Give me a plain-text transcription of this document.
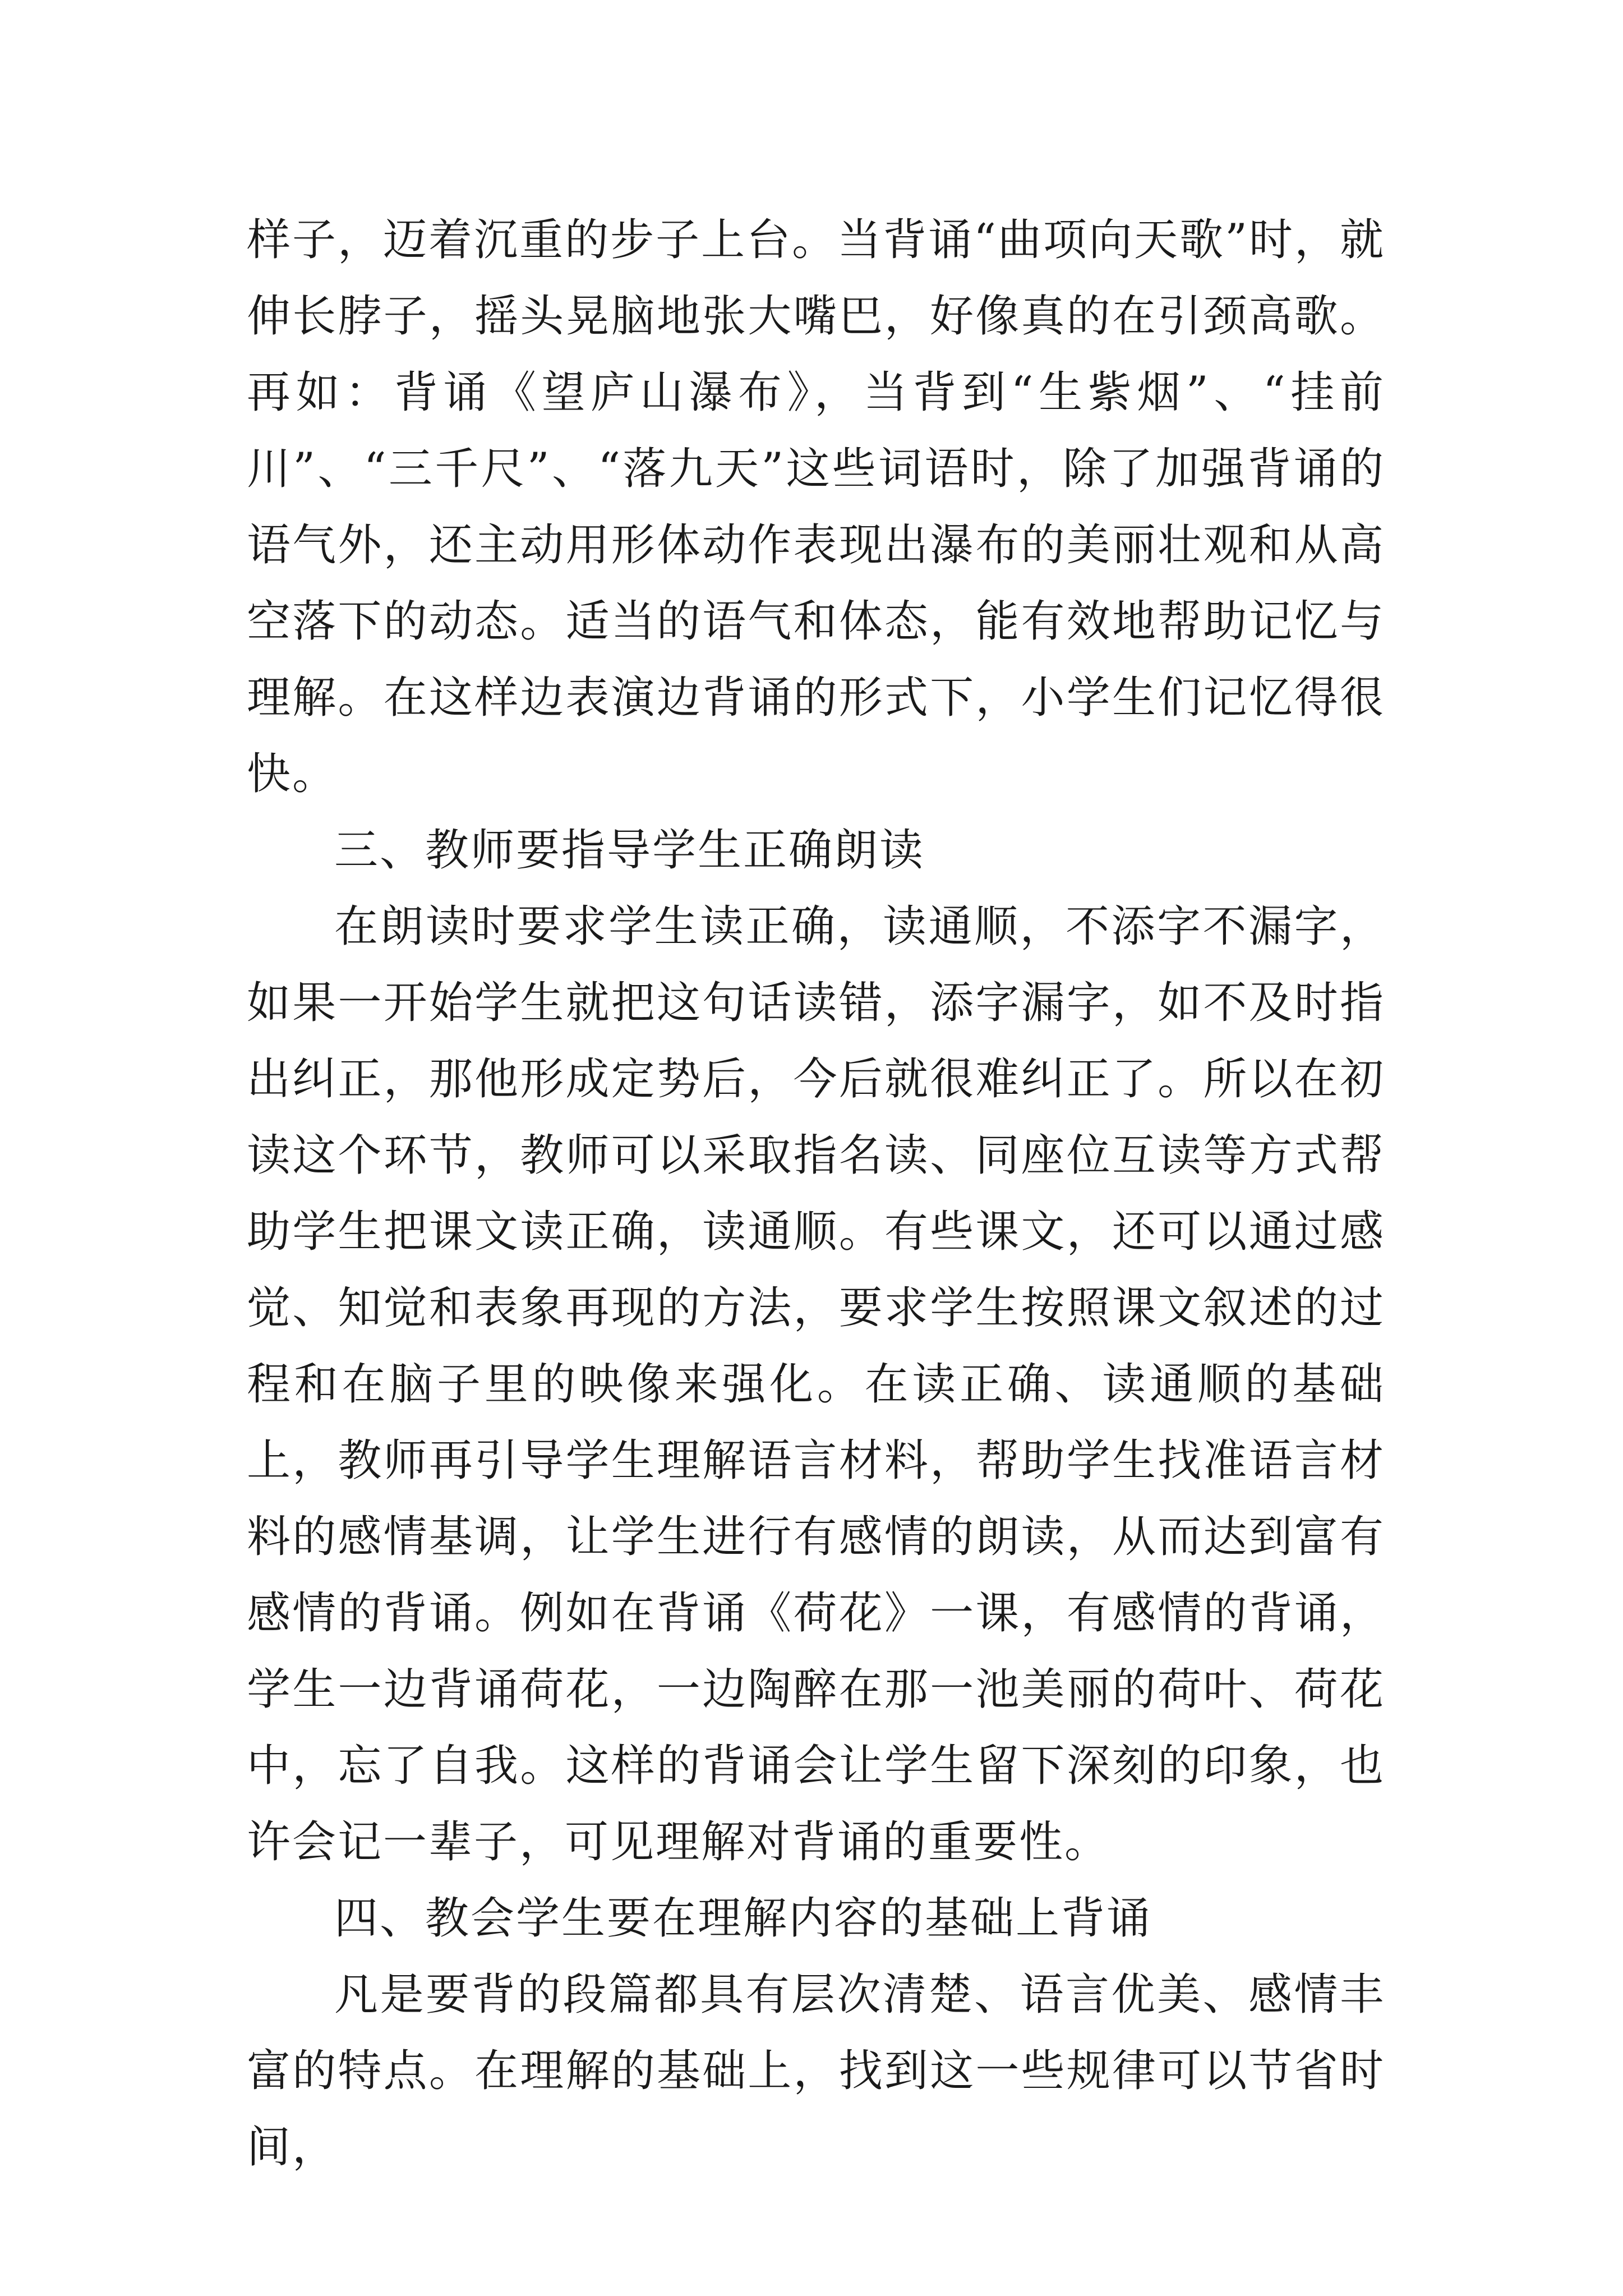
样子，迈着沉重的步子上台。当背诵“曲项向天歌”时，就伸长脖子，摇头晃脑地张大嘴巴，好像真的在引颈高歌。再如：背诵《望庐山瀑布》，当背到“生紫烟”、“挂前川”、“三千尺”、“落九天”这些词语时，除了加强背诵的语气外，还主动用形体动作表现出瀑布的美丽壮观和从高空落下的动态。适当的语气和体态，能有效地帮助记忆与理解。在这样边表演边背诵的形式下，小学生们记忆得很快。

三、教师要指导学生正确朗读

在朗读时要求学生读正确，读通顺，不添字不漏字，如果一开始学生就把这句话读错，添字漏字，如不及时指出纠正，那他形成定势后，今后就很难纠正了。所以在初读这个环节，教师可以采取指名读、同座位互读等方式帮助学生把课文读正确，读通顺。有些课文，还可以通过感觉、知觉和表象再现的方法，要求学生按照课文叙述的过程和在脑子里的映像来强化。在读正确、读通顺的基础上，教师再引导学生理解语言材料，帮助学生找准语言材料的感情基调，让学生进行有感情的朗读，从而达到富有感情的背诵。例如在背诵《荷花》一课，有感情的背诵，学生一边背诵荷花，一边陶醉在那一池美丽的荷叶、荷花中，忘了自我。这样的背诵会让学生留下深刻的印象，也许会记一辈子，可见理解对背诵的重要性。

四、教会学生要在理解内容的基础上背诵

凡是要背的段篇都具有层次清楚、语言优美、感情丰富的特点。在理解的基础上，找到这一些规律可以节省时间，
